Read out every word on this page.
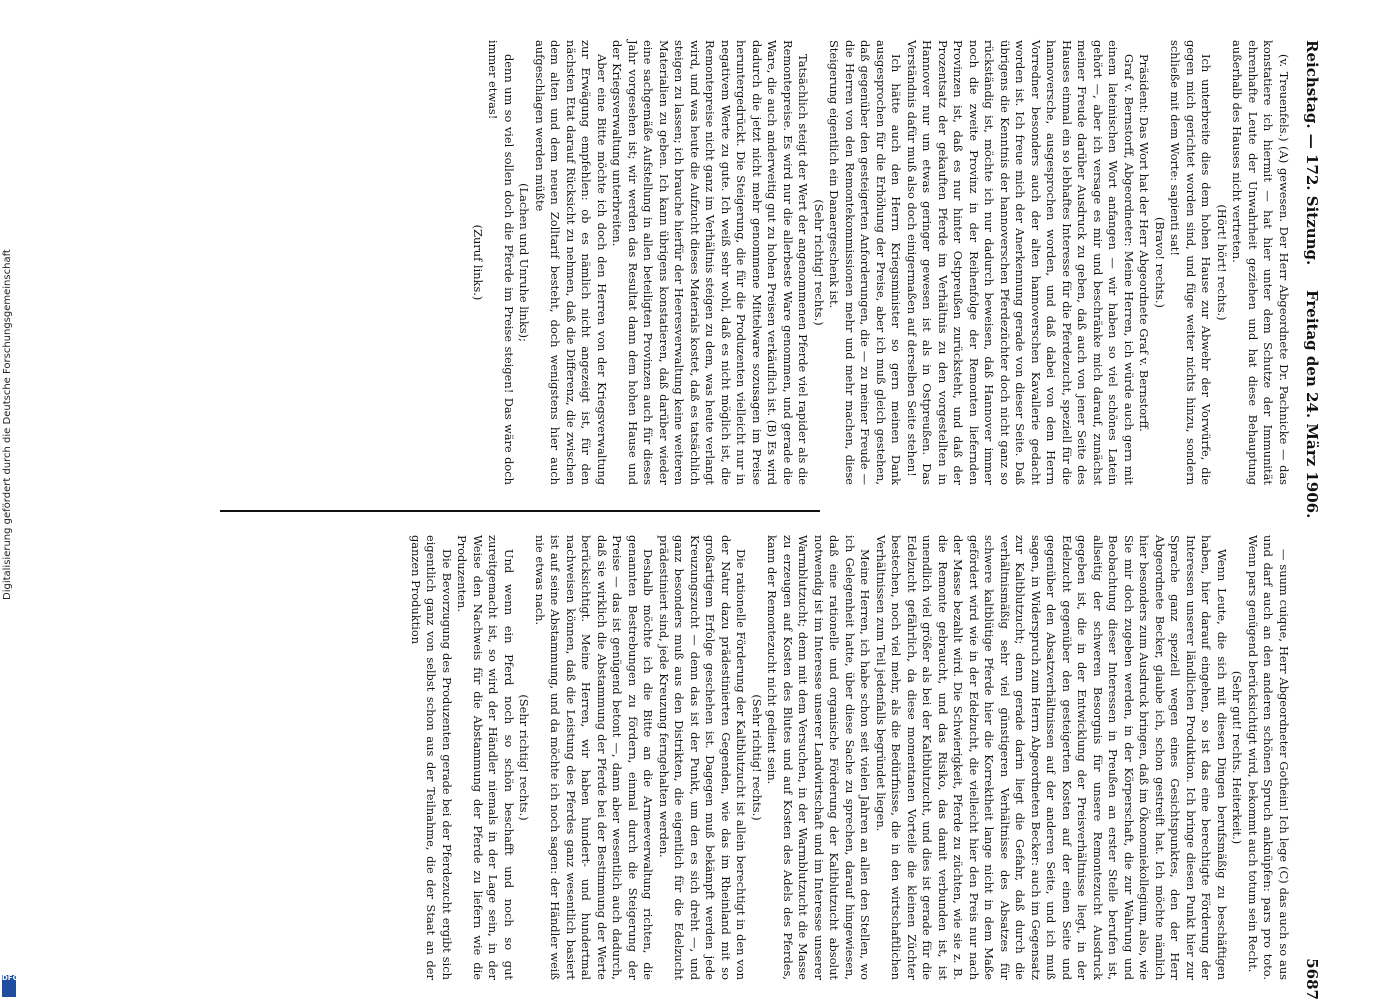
Reichstag. — 172. Sitzung.
Freitag den 24. März 1906.
5687

— suum cuique, Herr Abgeordneter Gothein! Ich lege (C) das auch so aus und darf auch an den anderen schönen Spruch anknüpfen: pars pro toto. Wenn pars genügend berücksichtigt wird, bekommt auch totum sein Recht.

(Sehr gut! rechts. Heiterkeit.)

Wenn Leute, die sich mit diesen Dingen berufsmäßig zu beschäftigen haben, hier darauf eingehen, so ist das eine berechtigte Förderung der Interessen unserer ländlichen Produktion. Ich bringe diesen Punkt hier zur Sprache ganz speziell wegen eines Gesichtspunktes, den der Herr Abgeordnete Becker, glaube ich, schon gestreift hat. Ich möchte nämlich hier besonders zum Ausdruck bringen, daß im Ökonomiekollegium, also, wie Sie mir doch zugeben werden, in der Körperschaft, die zur Wahrung und Beobachtung dieser Interessen in Preußen an erster Stelle berufen ist, allseitig der schweren Besorgnis für unsere Remontezucht Ausdruck gegeben ist, die in der Entwicklung der Preisverhältnisse liegt, in der Edelzucht gegenüber den gesteigerten Kosten auf der einen Seite und gegenüber den Absatzverhältnissen auf der anderen Seite, und ich muß sagen, in Widerspruch zum Herrn Abgeordneten Becker: auch im Gegensatz zur Kaltblutzucht; denn gerade darin liegt die Gefahr, daß durch die verhältnismäßig sehr viel günstigeren Verhältnisse des Absatzes für schwere kaltblütige Pferde hier die Korrektheit lange nicht in dem Maße gefördert wird wie in der Edelzucht, die vielleicht hier den Preis nur nach der Masse bezahlt wird. Die Schwierigkeit, Pferde zu züchten, wie sie z. B. die Remonte gebraucht, und das Risiko, das damit verbunden ist, ist unendlich viel größer als bei der Kaltblutzucht, und dies ist gerade für die Edelzucht gefährlich, da diese momentanen Vorteile die kleinen Züchter bestechen, noch viel mehr, als die Bedürfnisse, die in den wirtschaftlichen Verhältnissen zum Teil jedenfalls begründet liegen.

Meine Herren, ich habe schon seit vielen Jahren an allen den Stellen, wo ich Gelegenheit hatte, über diese Sache zu sprechen, darauf hingewiesen, daß eine rationelle und organische Förderung der Kaltblutzucht absolut notwendig ist im Interesse unserer Landwirtschaft und im Interesse unserer Warmblutzucht; denn mit dem Versuchen, in der Warmblutzucht die Masse zu erzeugen auf Kosten des Blutes und auf Kosten des Adels des Pferdes, kann der Remontezucht nicht gedient sein.

(Sehr richtig! rechts.)

Die rationelle Förderung der Kaltblutzucht ist allein berechtigt in den von der Natur dazu prädestinierten Gegenden, wie das im Rheinland mit so großartigem Erfolge geschehen ist. Dagegen muß bekämpft werden jede Kreuzungszucht — denn das ist der Punkt, um den es sich dreht —, und ganz besonders muß aus den Distrikten, die eigentlich für die Edelzucht prädestiniert sind, jede Kreuzung ferngehalten werden.

Deshalb möchte ich die Bitte an die Armeeverwaltung richten, die genannten Bestrebungen zu fördern, einmal durch die Steigerung der Preise — das ist genügend betont —, dann aber wesentlich auch dadurch, daß sie wirklich die Abstammung der Pferde bei der Bestimmung der Werte berücksichtigt. Meine Herren, wir haben hundert- und hundertmal nachweisen können, daß die Leistung des Pferdes ganz wesentlich basiert ist auf seine Abstammung, und da möchte ich noch sagen: der Händler weiß nie etwas nach.

(Sehr richtig! rechts.)

Und wenn ein Pferd noch so schön beschafft und noch so gut zureitgemacht ist, so wird der Händler niemals in der Lage sein, in der Weise den Nachweis für die Abstammung der Pferde zu liefern wie die Produzenten.

Die Bevorzugung des Produzenten gerade bei der Pferdezucht ergibt sich eigentlich ganz von selbst schon aus der Teilnahme, die der Staat an der ganzen Produktion

(v. Treuenfels.) (A) gewesen. Der Herr Abgeordnete Dr. Pachnicke — das konstatiere ich hiermit — hat hier unter dem Schutze der Immunität ehrenhafte Leute der Unwahrheit geziehen und hat diese Behauptung außerhalb des Hauses nicht vertreten.

(Hört! hört! rechts.)

Ich unterbreite dies dem hohen Hause zur Abwehr der Vorwürfe, die gegen mich gerichtet worden sind, und füge weiter nichts hinzu, sondern schließe mit dem Worte: sapienti sat!

(Bravo! rechts.)

Präsident: Das Wort hat der Herr Abgeordnete Graf v. Bernstorff.

Graf v. Bernstorff, Abgeordneter: Meine Herren, ich würde auch gern mit einem lateinischen Wort anfangen — wir haben so viel schönes Latein gehört —, aber ich versage es mir und beschränke mich darauf, zunächst meiner Freude darüber Ausdruck zu geben, daß auch von jener Seite des Hauses einmal ein so lebhaftes Interesse für die Pferdezucht, speziell für die hannoversche, ausgesprochen worden, und daß dabei von dem Herrn Vorredner besonders auch der alten hannoverschen Kavallerie gedacht worden ist. Ich freue mich der Anerkennung gerade von dieser Seite. Daß übrigens die Kenntnis der hannoverschen Pferdezüchter doch nicht ganz so rückständig ist, möchte ich nur dadurch beweisen, daß Hannover immer noch die zweite Provinz in der Reihenfolge der Remonten liefernden Provinzen ist, daß es nur hinter Ostpreußen zurücksteht, und daß der Prozentsatz der gekauften Pferde im Verhältnis zu den vorgestellten in Hannover nur um etwas geringer gewesen ist als in Ostpreußen. Das Verständnis dafür muß also doch einigermaßen auf derselben Seite stehen!

Ich hätte auch den Herrn Kriegsminister so gern meinen Dank ausgesprochen für die Erhöhung der Preise, aber ich muß gleich gestehen, daß gegenüber den gesteigerten Anforderungen, die — zu meiner Freude — die Herren von den Remontekommissionen mehr und mehr machen, diese Steigerung eigentlich ein Danaergeschenk ist.

(Sehr richtig! rechts.)

Tatsächlich steigt der Wert der angenommenen Pferde viel rapider als die Remontepreise. Es wird nur die allerbeste Ware genommen, und gerade die Ware, die auch anderweitig gut zu hohen Preisen verkäuflich ist. (B) Es wird dadurch die jetzt nicht mehr genommene Mittelware sozusagen im Preise heruntergedrückt. Die Steigerung, die für die Produzenten vielleicht nur in negativem Werte zu gute. Ich weiß sehr wohl, daß es nicht möglich ist, die Remontepreise nicht ganz im Verhältnis steigen zu dem, was heute verlangt wird, und was heute die Aufzucht dieses Materials kostet, daß es tatsächlich steigen zu lassen; ich brauche hierfür der Heeresverwaltung keine weiteren Materialien zu geben. Ich kann übrigens konstatieren, daß darüber wieder eine sachgemäße Aufstellung in allen beteiligten Provinzen auch für dieses Jahr vorgesehen ist; wir werden das Resultat dann dem hohen Hause und der Kriegsverwaltung unterbreiten.

Aber eine Bitte möchte ich doch den Herren von der Kriegsverwaltung zur Erwägung empfehlen: ob es nämlich nicht angezeigt ist, für den nächsten Etat darauf Rücksicht zu nehmen, daß die Differenz, die zwischen dem alten und dem neuen Zolltarif besteht, doch wenigstens hier auch aufgeschlagen werden müßte

(Lachen und Unruhe links);

denn um so viel sollen doch die Pferde im Preise steigen! Das wäre doch immer etwas!

(Zuruf links.)

Digitalisierung gefördert durch die Deutsche Forschungsgemeinschaft
DFG
